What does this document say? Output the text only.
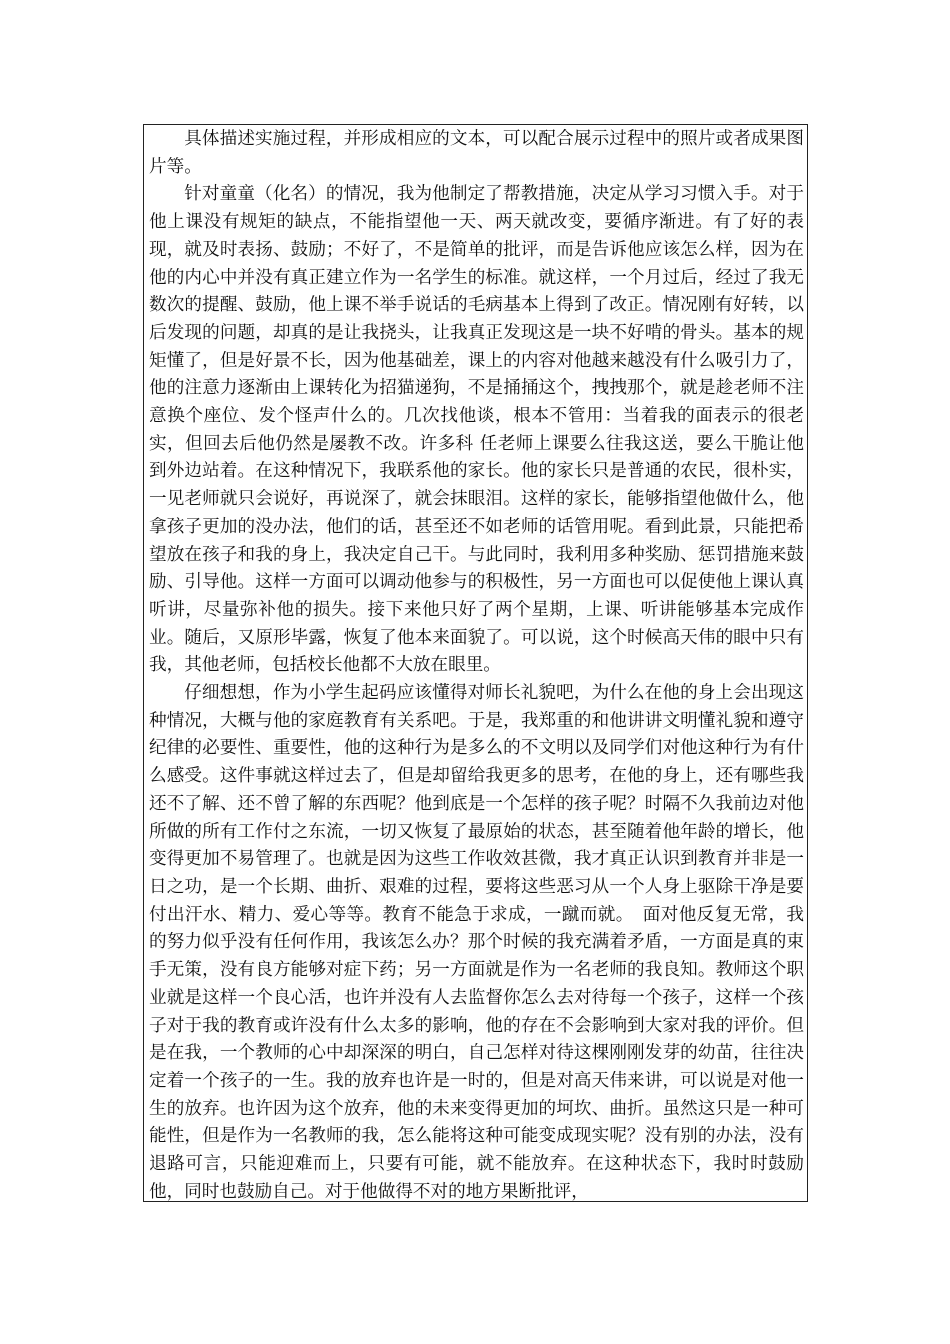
具体描述实施过程，并形成相应的文本，可以配合展示过程中的照片或者成果图片等。

针对童童（化名）的情况，我为他制定了帮教措施，决定从学习习惯入手。对于他上课没有规矩的缺点，不能指望他一天、两天就改变，要循序渐进。有了好的表现，就及时表扬、鼓励；不好了，不是简单的批评，而是告诉他应该怎么样，因为在他的内心中并没有真正建立作为一名学生的标准。就这样，一个月过后，经过了我无数次的提醒、鼓励，他上课不举手说话的毛病基本上得到了改正。情况刚有好转，以后发现的问题，却真的是让我挠头，让我真正发现这是一块不好啃的骨头。基本的规矩懂了，但是好景不长，因为他基础差，课上的内容对他越来越没有什么吸引力了，他的注意力逐渐由上课转化为招猫递狗，不是捅捅这个，拽拽那个，就是趁老师不注意换个座位、发个怪声什么的。几次找他谈，根本不管用：当着我的面表示的很老实，但回去后他仍然是屡教不改。许多科 任老师上课要么往我这送，要么干脆让他到外边站着。在这种情况下，我联系他的家长。他的家长只是普通的农民，很朴实，一见老师就只会说好，再说深了，就会抹眼泪。这样的家长，能够指望他做什么，他拿孩子更加的没办法，他们的话，甚至还不如老师的话管用呢。看到此景，只能把希望放在孩子和我的身上，我决定自己干。与此同时，我利用多种奖励、惩罚措施来鼓励、引导他。这样一方面可以调动他参与的积极性，另一方面也可以促使他上课认真听讲，尽量弥补他的损失。接下来他只好了两个星期，上课、听讲能够基本完成作业。随后，又原形毕露，恢复了他本来面貌了。可以说，这个时候高天伟的眼中只有我，其他老师，包括校长他都不大放在眼里。

仔细想想，作为小学生起码应该懂得对师长礼貌吧，为什么在他的身上会出现这种情况，大概与他的家庭教育有关系吧。于是，我郑重的和他讲讲文明懂礼貌和遵守纪律的必要性、重要性，他的这种行为是多么的不文明以及同学们对他这种行为有什么感受。这件事就这样过去了，但是却留给我更多的思考，在他的身上，还有哪些我还不了解、还不曾了解的东西呢？他到底是一个怎样的孩子呢？时隔不久我前边对他所做的所有工作付之东流，一切又恢复了最原始的状态，甚至随着他年龄的增长，他变得更加不易管理了。也就是因为这些工作收效甚微，我才真正认识到教育并非是一日之功，是一个长期、曲折、艰难的过程，要将这些恶习从一个人身上驱除干净是要付出汗水、精力、爱心等等。教育不能急于求成，一蹴而就。　面对他反复无常，我的努力似乎没有任何作用，我该怎么办？那个时候的我充满着矛盾，一方面是真的束手无策，没有良方能够对症下药；另一方面就是作为一名老师的我良知。教师这个职业就是这样一个良心活，也许并没有人去监督你怎么去对待每一个孩子，这样一个孩子对于我的教育或许没有什么太多的影响，他的存在不会影响到大家对我的评价。但是在我，一个教师的心中却深深的明白，自己怎样对待这棵刚刚发芽的幼苗，往往决定着一个孩子的一生。我的放弃也许是一时的，但是对高天伟来讲，可以说是对他一生的放弃。也许因为这个放弃，他的未来变得更加的坷坎、曲折。虽然这只是一种可能性，但是作为一名教师的我，怎么能将这种可能变成现实呢？没有别的办法，没有退路可言，只能迎难而上，只要有可能，就不能放弃。在这种状态下，我时时鼓励他，同时也鼓励自己。对于他做得不对的地方果断批评，
